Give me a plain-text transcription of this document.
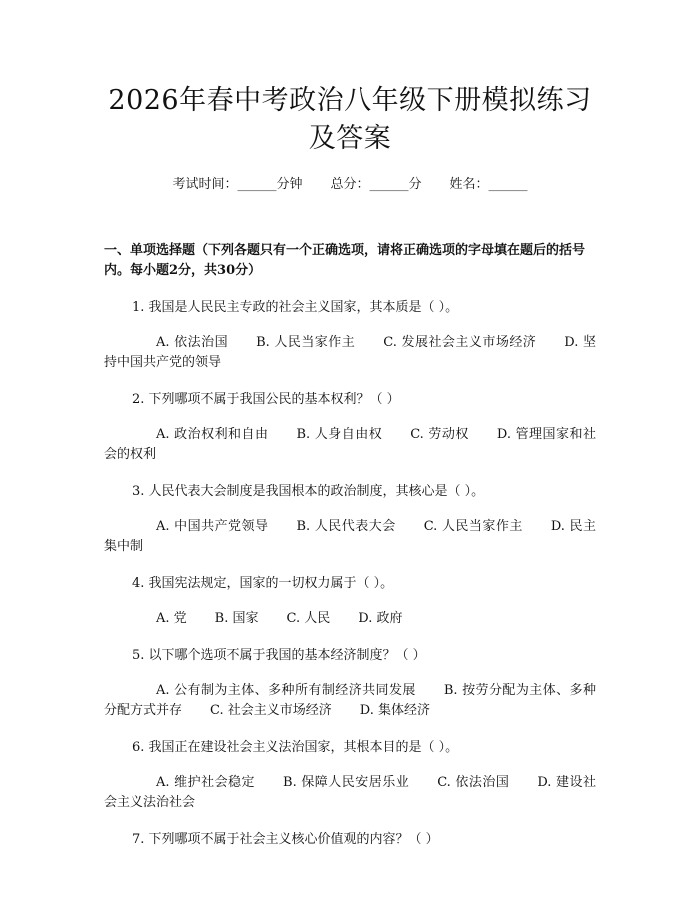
2026年春中考政治八年级下册模拟练习及答案
考试时间：______分钟 总分：______分 姓名：______
一、单项选择题（下列各题只有一个正确选项，请将正确选项的字母填在题后的括号内。每小题2分，共30分）
1. 我国是人民民主专政的社会主义国家，其本质是（ ）。
A. 依法治国 B. 人民当家作主 C. 发展社会主义市场经济 D. 坚持中国共产党的领导
2. 下列哪项不属于我国公民的基本权利？（ ）
A. 政治权利和自由 B. 人身自由权 C. 劳动权 D. 管理国家和社会的权利
3. 人民代表大会制度是我国根本的政治制度，其核心是（ ）。
A. 中国共产党领导 B. 人民代表大会 C. 人民当家作主 D. 民主集中制
4. 我国宪法规定，国家的一切权力属于（ ）。
A. 党 B. 国家 C. 人民 D. 政府
5. 以下哪个选项不属于我国的基本经济制度？（ ）
A. 公有制为主体、多种所有制经济共同发展 B. 按劳分配为主体、多种分配方式并存 C. 社会主义市场经济 D. 集体经济
6. 我国正在建设社会主义法治国家，其根本目的是（ ）。
A. 维护社会稳定 B. 保障人民安居乐业 C. 依法治国 D. 建设社会主义法治社会
7. 下列哪项不属于社会主义核心价值观的内容？（ ）
